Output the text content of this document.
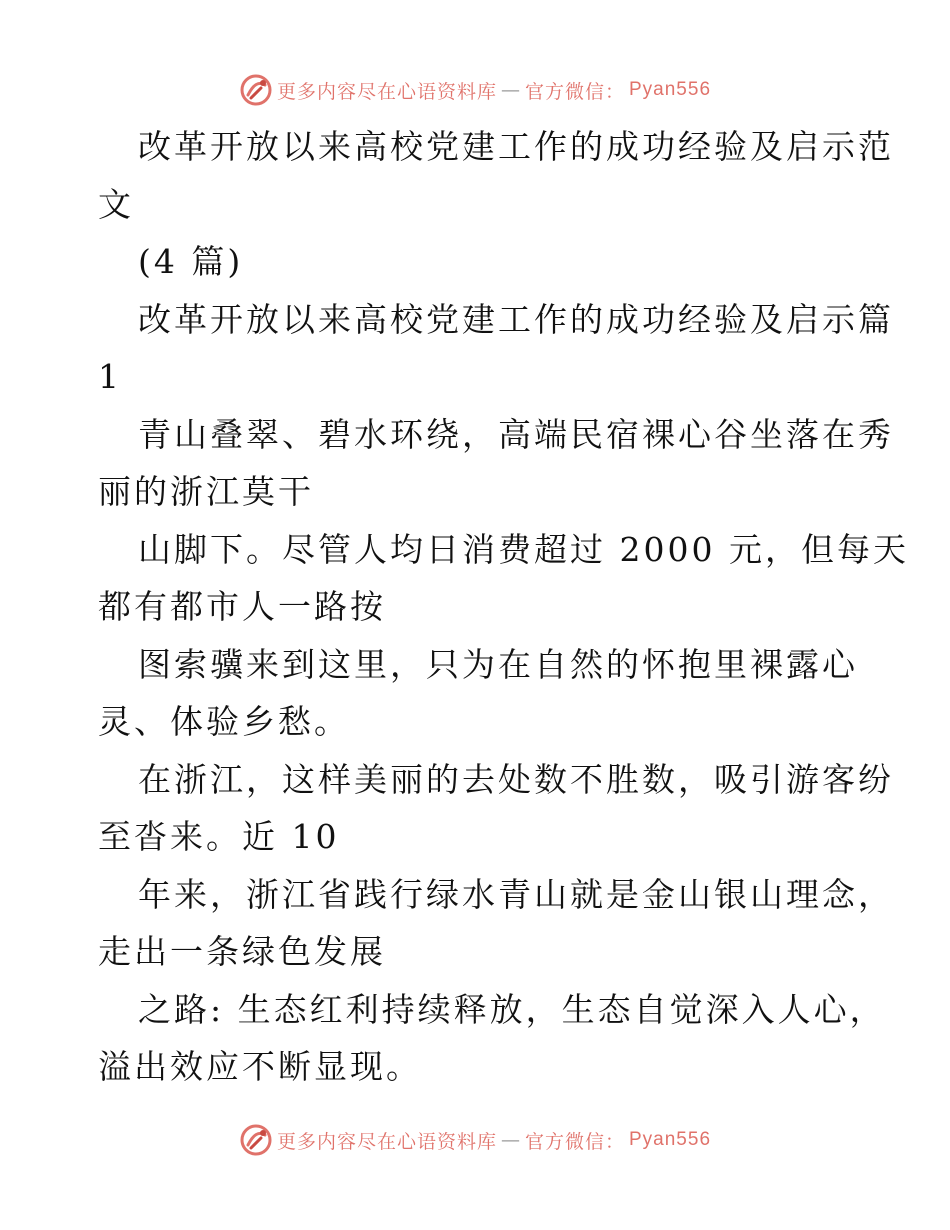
更多内容尽在心语资料库 — 官方微信： Pyan556
改革开放以来高校党建工作的成功经验及启示范
文
(4 篇)
改革开放以来高校党建工作的成功经验及启示篇
1
青山叠翠、碧水环绕，高端民宿裸心谷坐落在秀
丽的浙江莫干
山脚下。尽管人均日消费超过 2000 元，但每天
都有都市人一路按
图索骥来到这里，只为在自然的怀抱里裸露心
灵、体验乡愁。
在浙江，这样美丽的去处数不胜数，吸引游客纷
至沓来。近 10
年来，浙江省践行绿水青山就是金山银山理念，
走出一条绿色发展
之路: 生态红利持续释放，生态自觉深入人心，
溢出效应不断显现。
更多内容尽在心语资料库 — 官方微信： Pyan556
